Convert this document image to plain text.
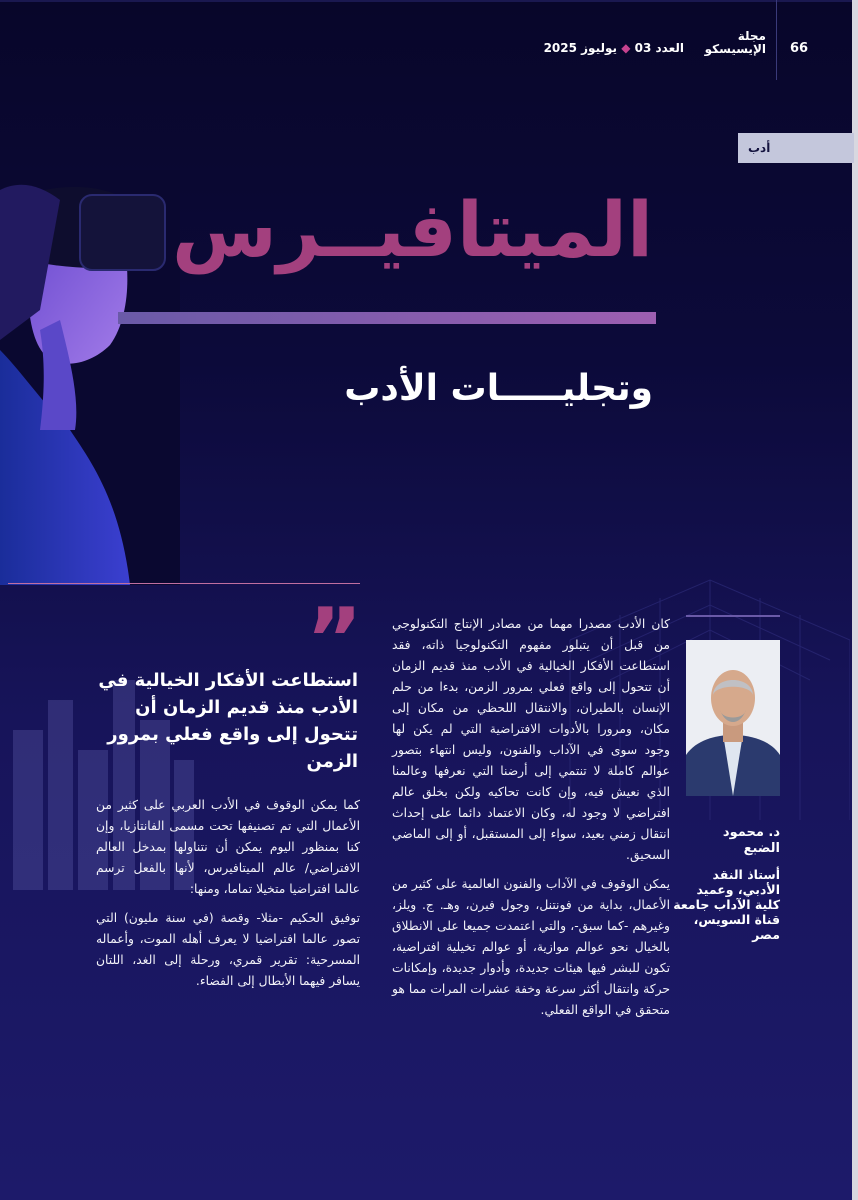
66
مجلة الإيسيسكو
العدد 03 ◆ يوليوز 2025
أدب
الميتافيــرس
وتجليـــــات الأدب
د. محمود الضبع
أستاذ النقد الأدبي، وعميد كلية الآداب جامعة قناة السويس، مصر
”
استطاعت الأفكار الخيالية في الأدب منذ قديم الزمان أن تتحول إلى واقع فعلي بمرور الزمن

كان الأدب مصدرا مهما من مصادر الإنتاج التكنولوجي من قبل أن يتبلور مفهوم التكنولوجيا ذاته، فقد استطاعت الأفكار الخيالية في الأدب منذ قديم الزمان أن تتحول إلى واقع فعلي بمرور الزمن، بدءا من حلم الإنسان بالطيران، والانتقال اللحظي من مكان إلى مكان، ومرورا بالأدوات الافتراضية التي لم يكن لها وجود سوى في الآداب والفنون، وليس انتهاء بتصور عوالم كاملة لا تنتمي إلى أرضنا التي نعرفها وعالمنا الذي نعيش فيه، وإن كانت تحاكيه ولكن بخلق عالم افتراضي لا وجود له، وكان الاعتماد دائما على إحداث انتقال زمني بعيد، سواء إلى المستقبل، أو إلى الماضي السحيق.

يمكن الوقوف في الآداب والفنون العالمية على كثير من الأعمال، بداية من فونتنل، وجول فيرن، وهـ. ج. ويلز، وغيرهم -كما سبق-، والتي اعتمدت جميعا على الانطلاق بالخيال نحو عوالم موازية، أو عوالم تخيلية افتراضية، تكون للبشر فيها هيئات جديدة، وأدوار جديدة، وإمكانات حركة وانتقال أكثر سرعة وخفة عشرات المرات مما هو متحقق في الواقع الفعلي.

كما يمكن الوقوف في الأدب العربي على كثير من الأعمال التي تم تصنيفها تحت مسمى الفانتازيا، وإن كنا بمنظور اليوم يمكن أن نتناولها بمدخل العالم الافتراضي/ عالم الميتافيرس، لأنها بالفعل ترسم عالما افتراضيا متخيلا تماما، ومنها:

توفيق الحكيم -مثلا- وقصة (في سنة مليون) التي تصور عالما افتراضيا لا يعرف أهله الموت، وأعماله المسرحية: تقرير قمري، ورحلة إلى الغد، اللتان يسافر فيهما الأبطال إلى الفضاء.
